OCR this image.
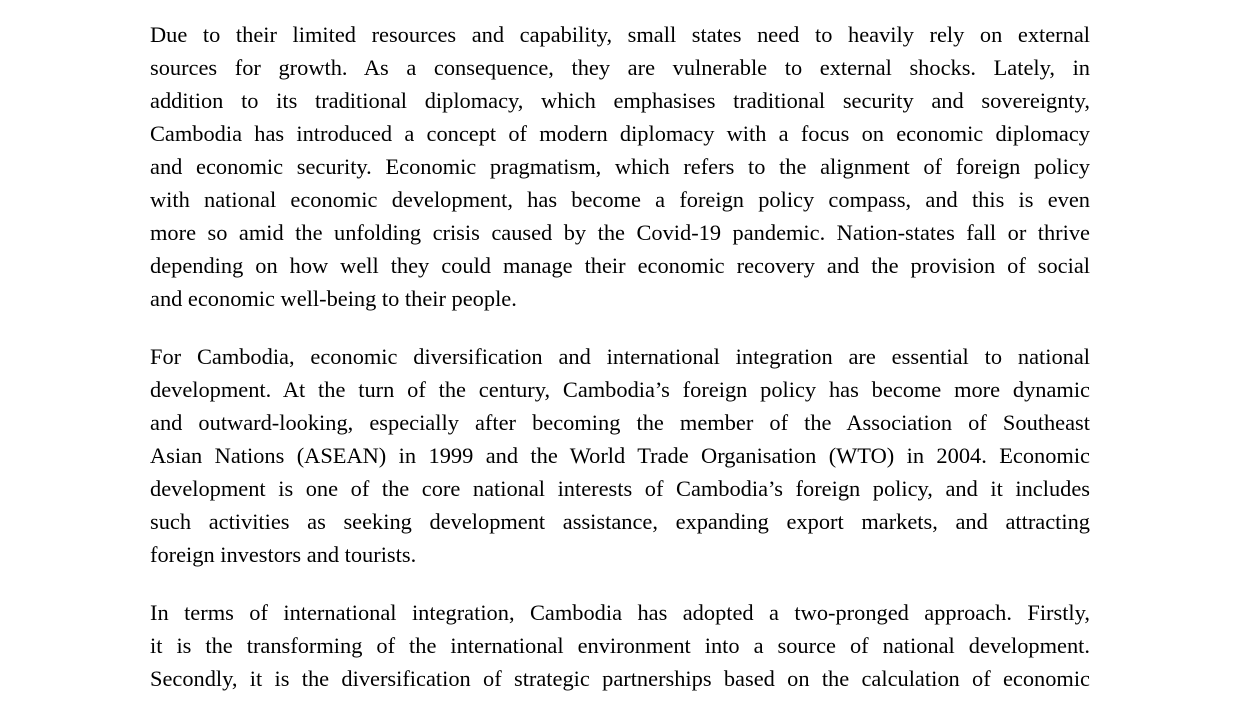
Due to their limited resources and capability, small states need to heavily rely on external
sources for growth. As a consequence, they are vulnerable to external shocks. Lately, in
addition to its traditional diplomacy, which emphasises traditional security and sovereignty,
Cambodia has introduced a concept of modern diplomacy with a focus on economic diplomacy
and economic security. Economic pragmatism, which refers to the alignment of foreign policy
with national economic development, has become a foreign policy compass, and this is even
more so amid the unfolding crisis caused by the Covid-19 pandemic. Nation-states fall or thrive
depending on how well they could manage their economic recovery and the provision of social
and economic well-being to their people.

For Cambodia, economic diversification and international integration are essential to national
development. At the turn of the century, Cambodia’s foreign policy has become more dynamic
and outward-looking, especially after becoming the member of the Association of Southeast
Asian Nations (ASEAN) in 1999 and the World Trade Organisation (WTO) in 2004. Economic
development is one of the core national interests of Cambodia’s foreign policy, and it includes
such activities as seeking development assistance, expanding export markets, and attracting
foreign investors and tourists.

In terms of international integration, Cambodia has adopted a two-pronged approach. Firstly,
it is the transforming of the international environment into a source of national development.
Secondly, it is the diversification of strategic partnerships based on the calculation of economic
